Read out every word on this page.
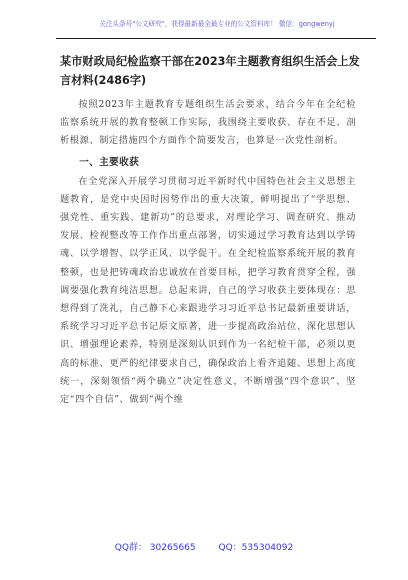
关注头条号"公文研究"，获得最新最全最专业的公文资料库！ 微信：gongwenyj
某市财政局纪检监察干部在2023年主题教育组织生活会上发言材料(2486字)

按照2023年主题教育专题组织生活会要求，结合今年在全纪检监察系统开展的教育整顿工作实际，我围绕主要收获、存在不足、剖析根源、制定措施四个方面作个简要发言，也算是一次党性剖析。

一、主要收获

在全党深入开展学习贯彻习近平新时代中国特色社会主义思想主题教育，是党中央因时因势作出的重大决策，鲜明提出了“学思想、强党性、重实践、建新功”的总要求，对理论学习、调查研究、推动发展、检视整改等工作作出重点部署，切实通过学习教育达到以学铸魂、以学增智、以学正风、以学促干。在全纪检监察系统开展的教育整顿，也是把铸魂政治忠诚放在首要目标，把学习教育贯穿全程，强调要强化教育纯洁思想。总起来讲，自己的学习收获主要体现在：思想得到了洗礼，自己静下心来跟进学习习近平总书记最新重要讲话，系统学习习近平总书记原文原著，进一步提高政治站位、深化思想认识、增强理论素养，特别是深刻认识到作为一名纪检干部，必须以更高的标准、更严的纪律要求自己，确保政治上看齐追随、思想上高度统一，深刻领悟“两个确立”决定性意义，不断增强“四个意识”、坚定“四个自信”、做到“两个维

QQ群： 30265665	QQ：535304092
